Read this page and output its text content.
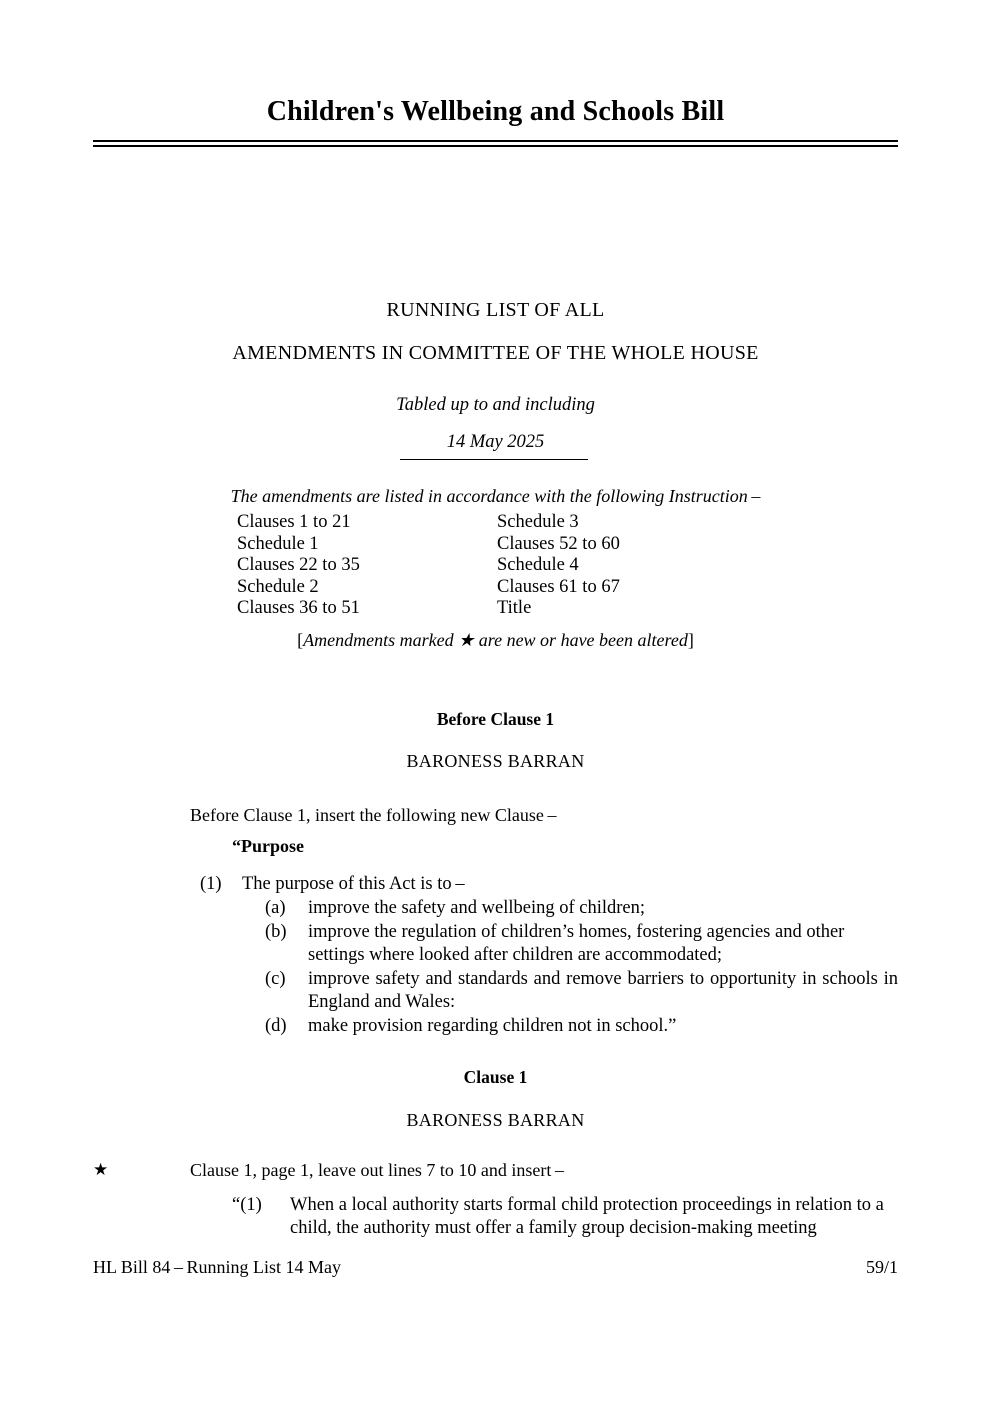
Children's Wellbeing and Schools Bill
RUNNING LIST OF ALL
AMENDMENTS IN COMMITTEE OF THE WHOLE HOUSE
Tabled up to and including
14 May 2025

The amendments are listed in accordance with the following Instruction –

Clauses 1 to 21
Schedule 1
Clauses 22 to 35
Schedule 2
Clauses 36 to 51
Schedule 3
Clauses 52 to 60
Schedule 4
Clauses 61 to 67
Title
[Amendments marked ★ are new or have been altered]
Before Clause 1
BARONESS BARRAN
Before Clause 1, insert the following new Clause –
“Purpose
(1) The purpose of this Act is to –
(a) improve the safety and wellbeing of children;
(b) improve the regulation of children’s homes, fostering agencies and other settings where looked after children are accommodated;
(c) improve safety and standards and remove barriers to opportunity in schools in England and Wales:
(d) make provision regarding children not in school.”
Clause 1
BARONESS BARRAN
★	Clause 1, page 1, leave out lines 7 to 10 and insert –
“(1) When a local authority starts formal child protection proceedings in relation to a child, the authority must offer a family group decision-making meeting
HL Bill 84 – Running List 14 May	59/1
